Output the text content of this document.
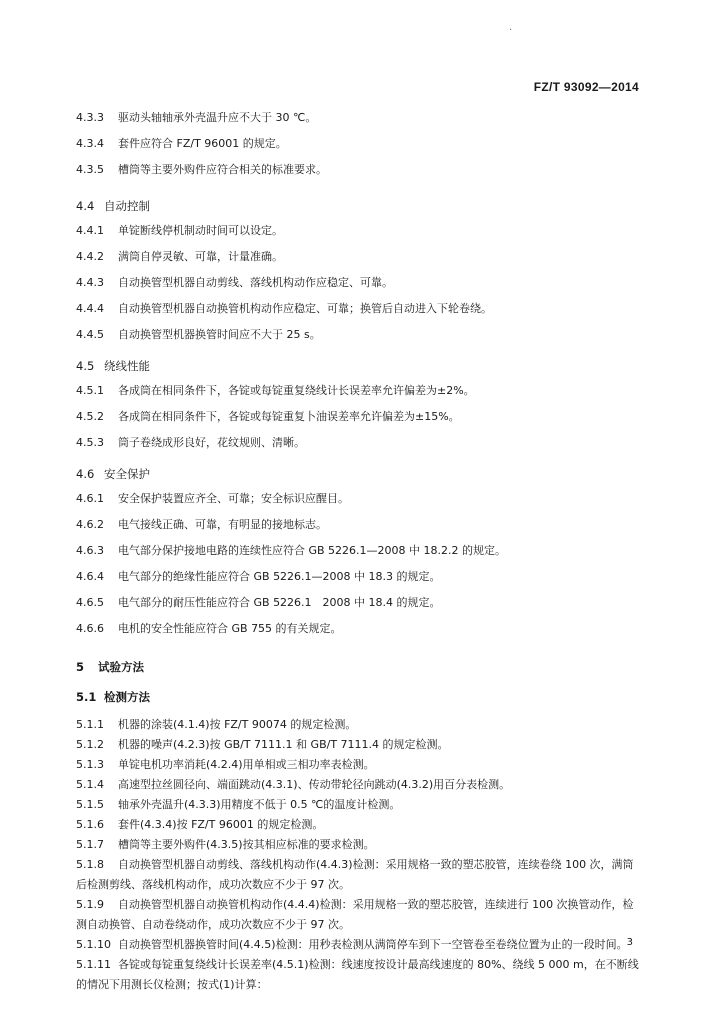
.
FZ/T 93092—2014
4.3.3 驱动头轴轴承外壳温升应不大于 30 ℃。
4.3.4 套件应符合 FZ/T 96001 的规定。
4.3.5 槽筒等主要外购件应符合相关的标准要求。
4.4 自动控制
4.4.1 单锭断线停机制动时间可以设定。
4.4.2 满筒自停灵敏、可靠，计量准确。
4.4.3 自动换管型机器自动剪线、落线机构动作应稳定、可靠。
4.4.4 自动换管型机器自动换管机构动作应稳定、可靠；换管后自动进入下轮卷绕。
4.4.5 自动换管型机器换管时间应不大于 25 s。
4.5 绕线性能
4.5.1 各成筒在相同条件下，各锭或每锭重复绕线计长误差率允许偏差为±2%。
4.5.2 各成筒在相同条件下，各锭或每锭重复卜油误差率允许偏差为±15%。
4.5.3 筒子卷绕成形良好，花纹规则、清晰。
4.6 安全保护
4.6.1 安全保护装置应齐全、可靠；安全标识应醒目。
4.6.2 电气接线正确、可靠，有明显的接地标志。
4.6.3 电气部分保护接地电路的连续性应符合 GB 5226.1—2008 中 18.2.2 的规定。
4.6.4 电气部分的绝缘性能应符合 GB 5226.1—2008 中 18.3 的规定。
4.6.5 电气部分的耐压性能应符合 GB 5226.1　2008 中 18.4 的规定。
4.6.6 电机的安全性能应符合 GB 755 的有关规定。
5 试验方法
5.1 检测方法
5.1.1 机器的涂装(4.1.4)按 FZ/T 90074 的规定检测。
5.1.2 机器的噪声(4.2.3)按 GB/T 7111.1 和 GB/T 7111.4 的规定检测。
5.1.3 单锭电机功率消耗(4.2.4)用单相或三相功率表检测。
5.1.4 高速型拉丝圆径向、端面跳动(4.3.1)、传动带轮径向跳动(4.3.2)用百分表检测。
5.1.5 轴承外壳温升(4.3.3)用精度不低于 0.5 ℃的温度计检测。
5.1.6 套件(4.3.4)按 FZ/T 96001 的规定检测。
5.1.7 槽筒等主要外购件(4.3.5)按其相应标准的要求检测。
5.1.8 自动换管型机器自动剪线、落线机构动作(4.4.3)检测：采用规格一致的塑芯胶管，连续卷绕 100 次，满筒后检测剪线、落线机构动作，成功次数应不少于 97 次。
5.1.9 自动换管型机器自动换管机构动作(4.4.4)检测：采用规格一致的塑芯胶管，连续进行 100 次换管动作，检测自动换管、自动卷绕动作，成功次数应不少于 97 次。
5.1.10 自动换管型机器换管时间(4.4.5)检测：用秒表检测从满筒停车到下一空管卷至卷绕位置为止的一段时间。
5.1.11 各锭或每锭重复绕线计长误差率(4.5.1)检测：线速度按设计最高线速度的 80%、绕线 5 000 m，在不断线的情况下用测长仪检测；按式(1)计算：
3
